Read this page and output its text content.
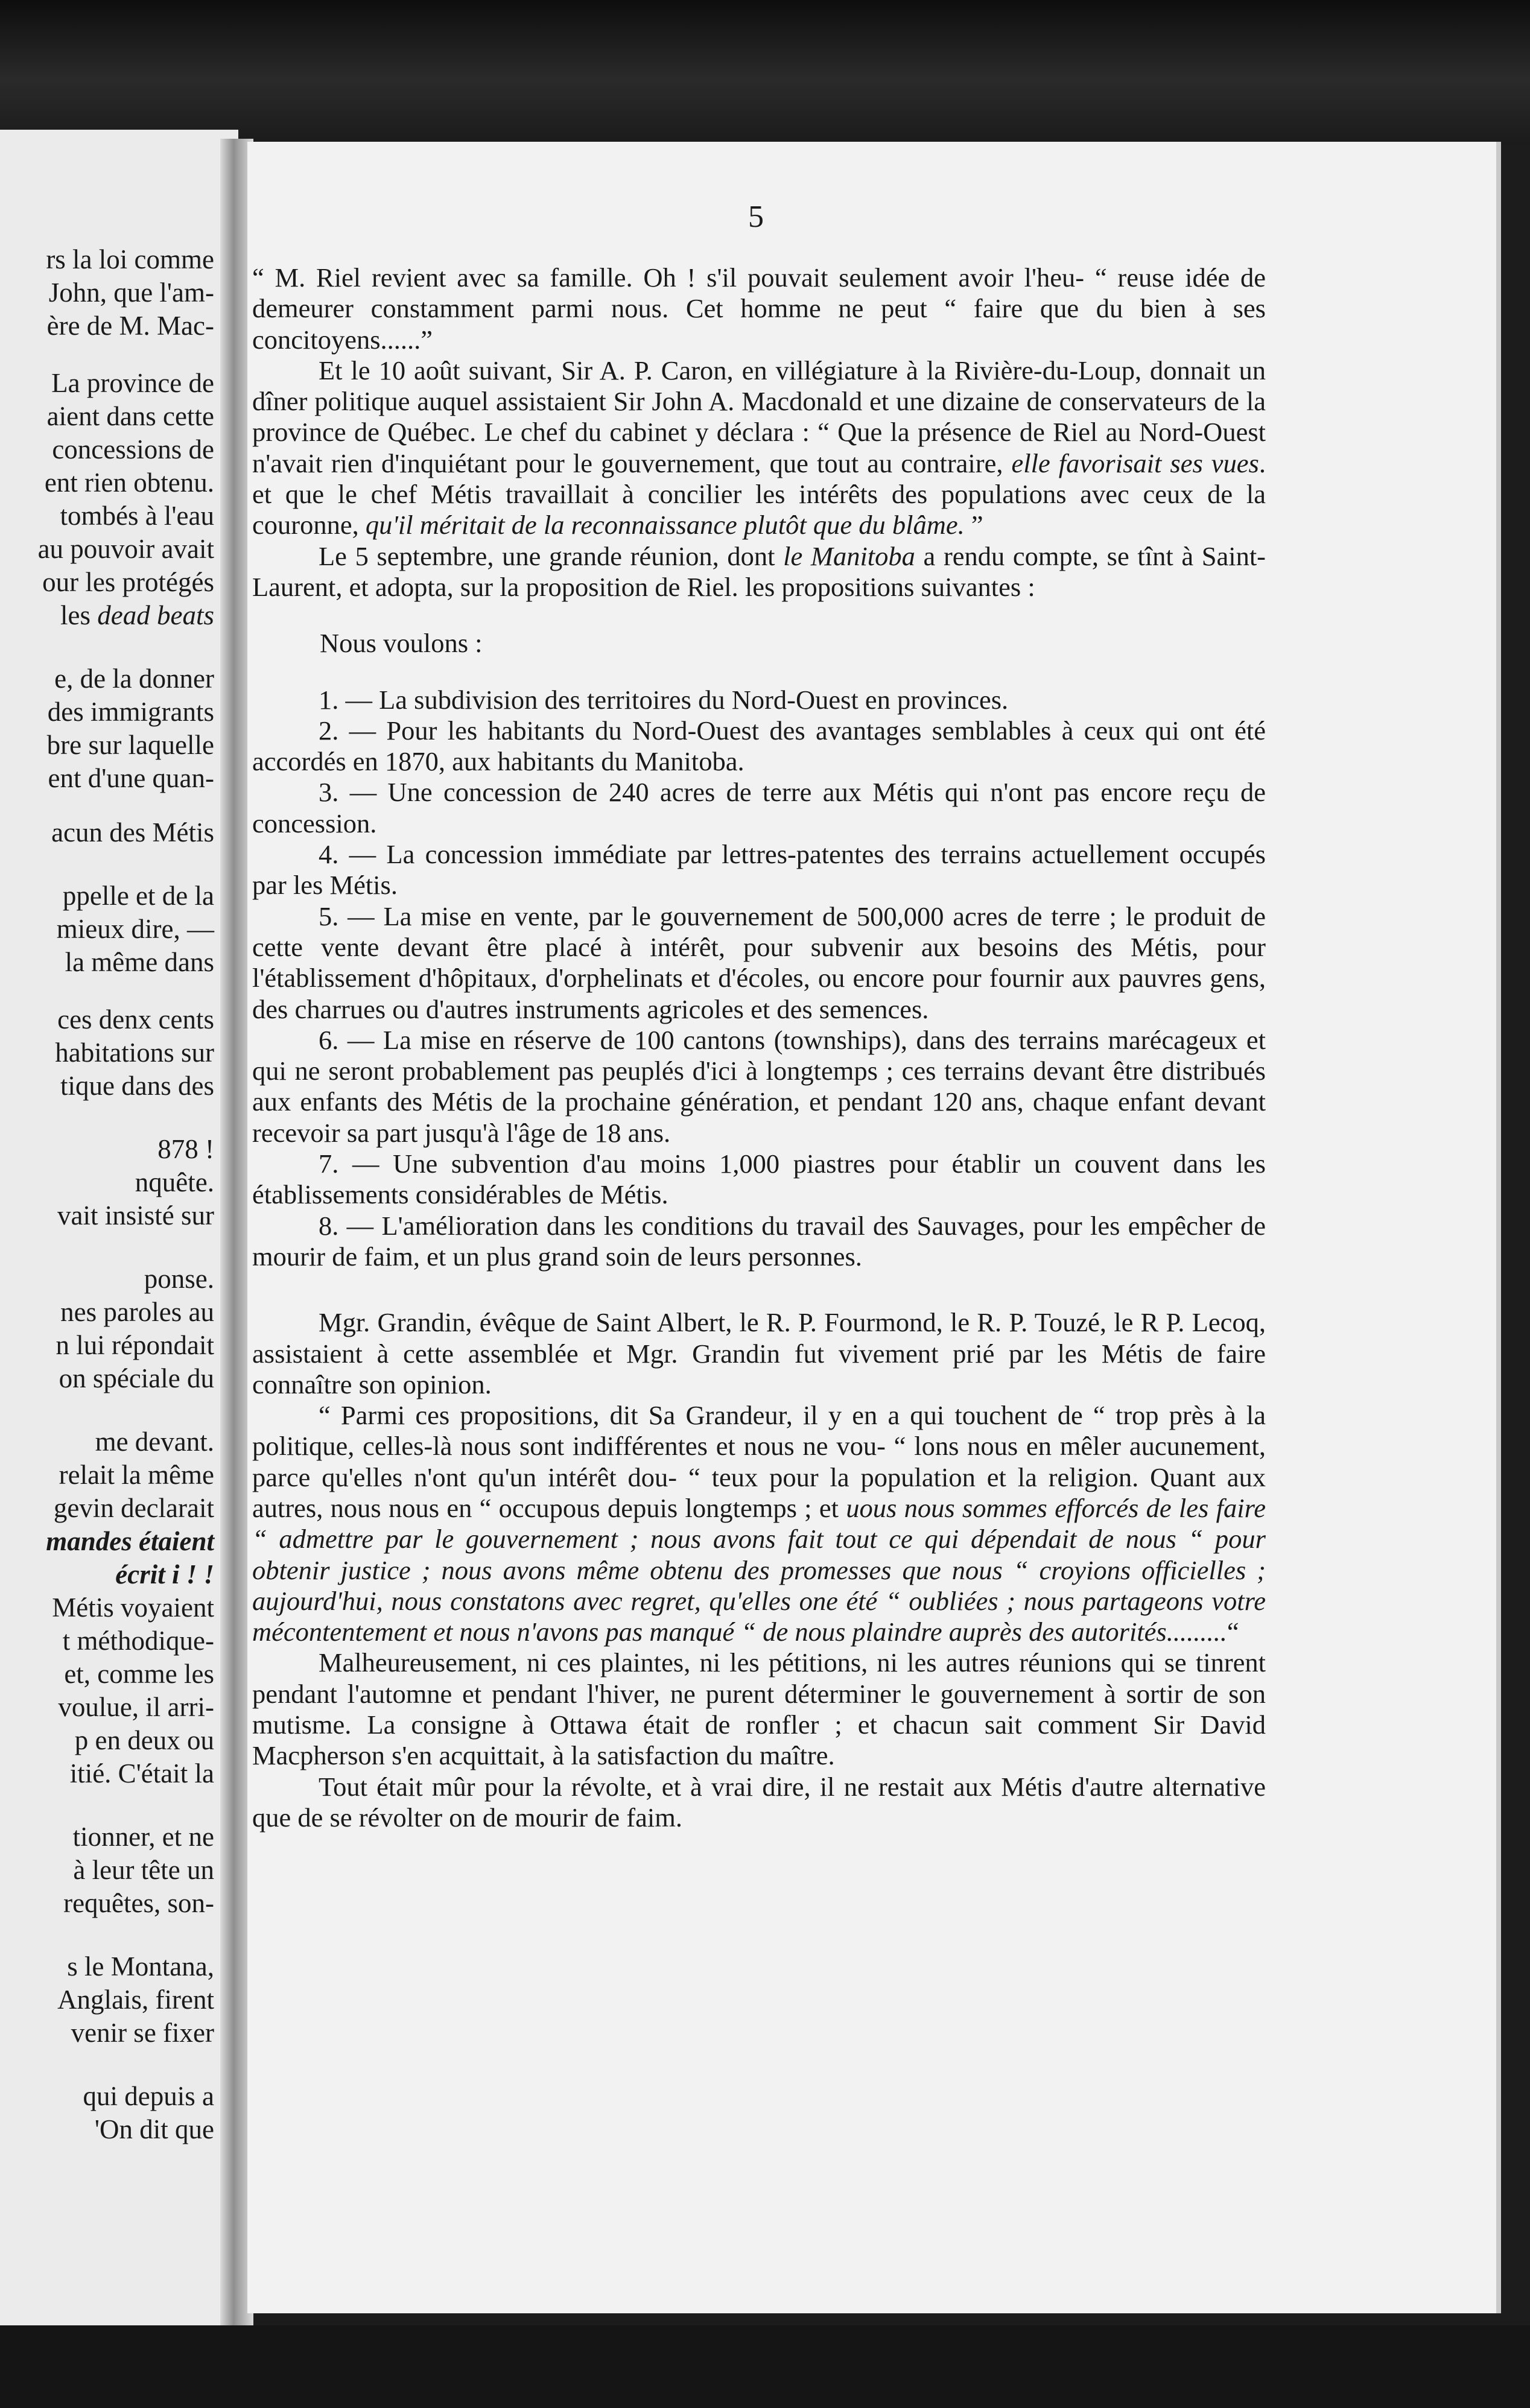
rs la loi comme
John, que l'am-
ère de M. Mac-
La province de
aient dans cette
concessions de
ent rien obtenu.
tombés à l'eau
au pouvoir avait
our les protégés
les dead beats
e, de la donner
des immigrants
bre sur laquelle
ent d'une quan-
acun des Métis
ppelle et de la
mieux dire, —
la même dans
ces denx cents
habitations sur
tique dans des
878 !
nquête.
vait insisté sur
ponse.
nes paroles au
n lui répondait
on spéciale du
me devant.
relait la même
gevin declarait
mandes étaient
écrit i ! !
Métis voyaient
t méthodique-
et, comme les
voulue, il arri-
p en deux ou
itié. C'était la
tionner, et ne
à leur tête un
requêtes, son-
s le Montana,
Anglais, firent
venir se fixer
qui depuis a
'On dit que
5

“ M. Riel revient avec sa famille. Oh ! s'il pouvait seulement avoir l'heu- “ reuse idée de demeurer constamment parmi nous. Cet homme ne peut “ faire que du bien à ses concitoyens......”

Et le 10 août suivant, Sir A. P. Caron, en villégiature à la Rivière-du-Loup, donnait un dîner politique auquel assistaient Sir John A. Macdonald et une dizaine de conservateurs de la province de Québec. Le chef du cabinet y déclara : “ Que la présence de Riel au Nord-Ouest n'avait rien d'inquiétant pour le gouvernement, que tout au contraire, elle favorisait ses vues. et que le chef Métis travaillait à concilier les intérêts des populations avec ceux de la couronne, qu'il méritait de la reconnaissance plutôt que du blâme. ”

Le 5 septembre, une grande réunion, dont le Manitoba a rendu compte, se tînt à Saint-Laurent, et adopta, sur la proposition de Riel. les propositions suivantes :

Nous voulons :

1. — La subdivision des territoires du Nord-Ouest en provinces.

2. — Pour les habitants du Nord-Ouest des avantages semblables à ceux qui ont été accordés en 1870, aux habitants du Manitoba.

3. — Une concession de 240 acres de terre aux Métis qui n'ont pas encore reçu de concession.

4. — La concession immédiate par lettres-patentes des terrains actuellement occupés par les Métis.

5. — La mise en vente, par le gouvernement de 500,000 acres de terre ; le produit de cette vente devant être placé à intérêt, pour subvenir aux besoins des Métis, pour l'établissement d'hôpitaux, d'orphelinats et d'écoles, ou encore pour fournir aux pauvres gens, des charrues ou d'autres instruments agricoles et des semences.

6. — La mise en réserve de 100 cantons (townships), dans des terrains marécageux et qui ne seront probablement pas peuplés d'ici à longtemps ; ces terrains devant être distribués aux enfants des Métis de la prochaine génération, et pendant 120 ans, chaque enfant devant recevoir sa part jusqu'à l'âge de 18 ans.

7. — Une subvention d'au moins 1,000 piastres pour établir un couvent dans les établissements considérables de Métis.

8. — L'amélioration dans les conditions du travail des Sauvages, pour les empêcher de mourir de faim, et un plus grand soin de leurs personnes.

Mgr. Grandin, évêque de Saint Albert, le R. P. Fourmond, le R. P. Touzé, le R P. Lecoq, assistaient à cette assemblée et Mgr. Grandin fut vivement prié par les Métis de faire connaître son opinion.

“ Parmi ces propositions, dit Sa Grandeur, il y en a qui touchent de “ trop près à la politique, celles-là nous sont indifférentes et nous ne vou- “ lons nous en mêler aucunement, parce qu'elles n'ont qu'un intérêt dou- “ teux pour la population et la religion. Quant aux autres, nous nous en “ occupous depuis longtemps ; et uous nous sommes efforcés de les faire “ admettre par le gouvernement ; nous avons fait tout ce qui dépendait de nous “ pour obtenir justice ; nous avons même obtenu des promesses que nous “ croyions officielles ; aujourd'hui, nous constatons avec regret, qu'elles one été “ oubliées ; nous partageons votre mécontentement et nous n'avons pas manqué “ de nous plaindre auprès des autorités.........“

Malheureusement, ni ces plaintes, ni les pétitions, ni les autres réunions qui se tinrent pendant l'automne et pendant l'hiver, ne purent déterminer le gouvernement à sortir de son mutisme. La consigne à Ottawa était de ronfler ; et chacun sait comment Sir David Macpherson s'en acquittait, à la satisfaction du maître.

Tout était mûr pour la révolte, et à vrai dire, il ne restait aux Métis d'autre alternative que de se révolter on de mourir de faim.
